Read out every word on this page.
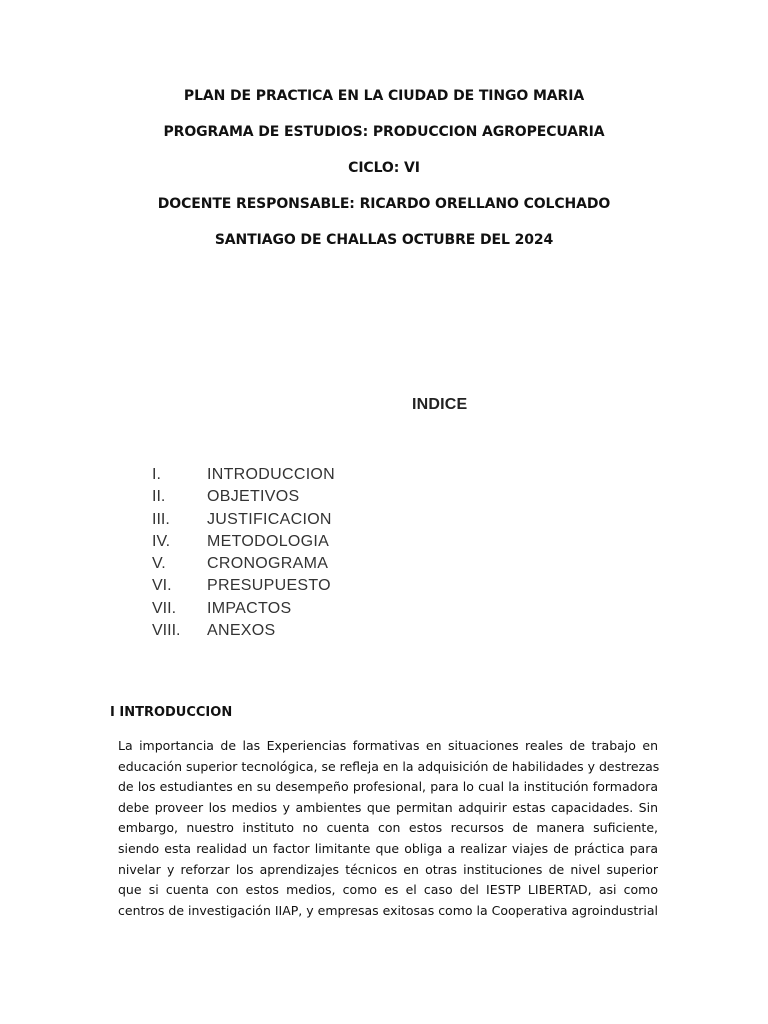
PLAN DE PRACTICA EN LA CIUDAD DE TINGO MARIA
PROGRAMA DE ESTUDIOS: PRODUCCION AGROPECUARIA
CICLO: VI
DOCENTE RESPONSABLE: RICARDO ORELLANO COLCHADO
SANTIAGO DE CHALLAS OCTUBRE DEL 2024
INDICE
I.	INTRODUCCION
II.	OBJETIVOS
III. JUSTIFICACION
IV. METODOLOGIA
V.	CRONOGRAMA
VI. PRESUPUESTO
VII. IMPACTOS
VIII. ANEXOS
I INTRODUCCION

La importancia de las Experiencias formativas en situaciones reales de trabajo en
educación superior tecnológica, se refleja en la adquisición de habilidades y destrezas
de los estudiantes en su desempeño profesional, para lo cual la institución formadora
debe proveer los medios y ambientes que permitan adquirir estas capacidades. Sin
embargo, nuestro instituto no cuenta con estos recursos de manera suficiente,
siendo esta realidad un factor limitante que obliga a realizar viajes de práctica para
nivelar y reforzar los aprendizajes técnicos en otras instituciones de nivel superior
que si cuenta con estos medios, como es el caso del IESTP LIBERTAD, asi como
centros de investigación IIAP, y empresas exitosas como la Cooperativa agroindustrial
